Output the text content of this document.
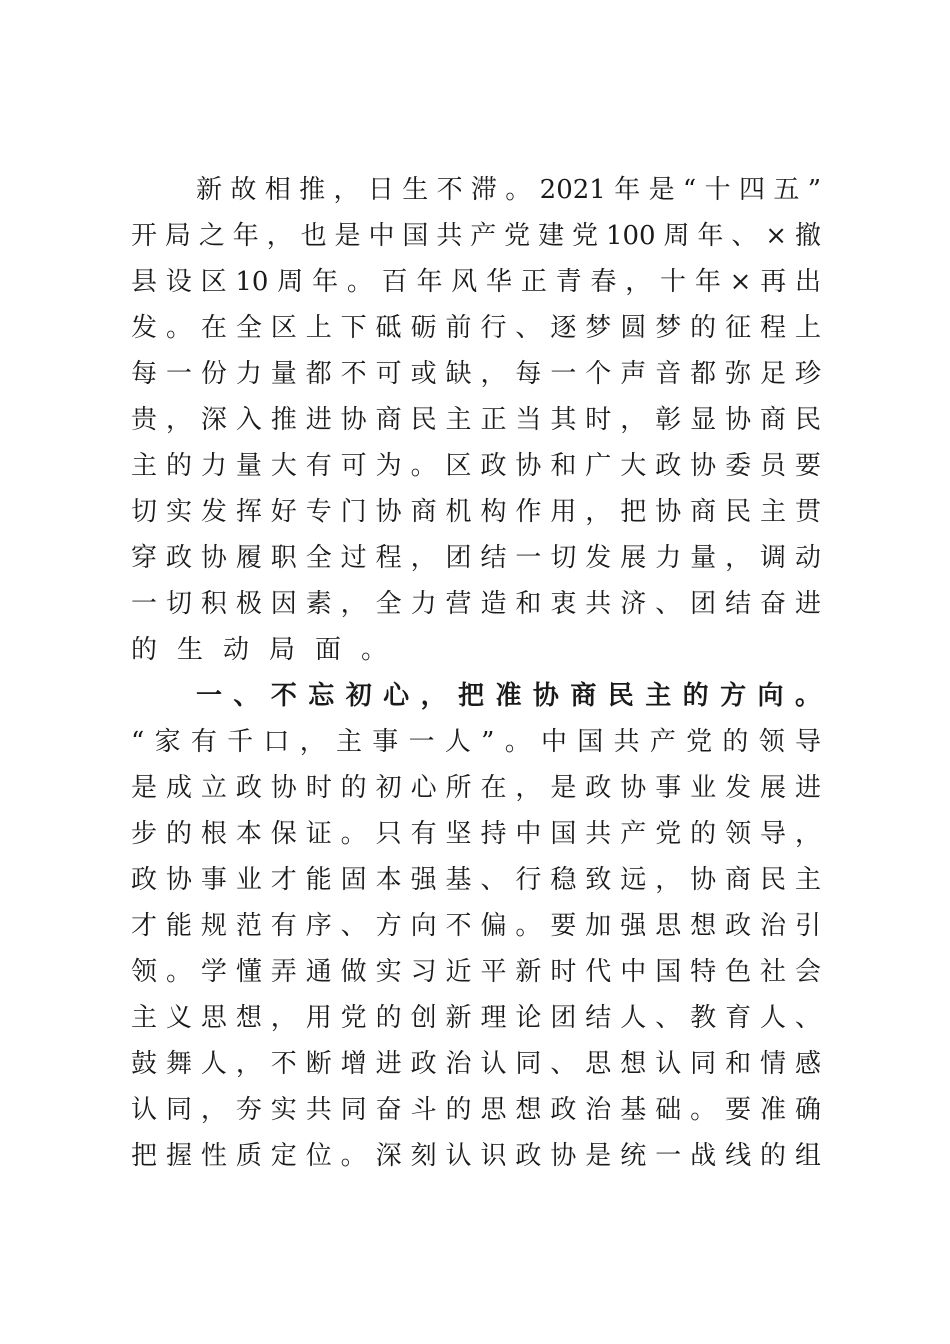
新故相推，日生不滞。2021年是“十四五”
开局之年，也是中国共产党建党100周年、×撤
县设区10周年。百年风华正青春，十年×再出
发。在全区上下砥砺前行、逐梦圆梦的征程上
每一份力量都不可或缺，每一个声音都弥足珍
贵，深入推进协商民主正当其时，彰显协商民
主的力量大有可为。区政协和广大政协委员要
切实发挥好专门协商机构作用，把协商民主贯
穿政协履职全过程，团结一切发展力量，调动
一切积极因素，全力营造和衷共济、团结奋进
的生动局面。
一、不忘初心，把准协商民主的方向。
“家有千口，主事一人”。中国共产党的领导
是成立政协时的初心所在，是政协事业发展进
步的根本保证。只有坚持中国共产党的领导，
政协事业才能固本强基、行稳致远，协商民主
才能规范有序、方向不偏。要加强思想政治引
领。学懂弄通做实习近平新时代中国特色社会
主义思想，用党的创新理论团结人、教育人、
鼓舞人，不断增进政治认同、思想认同和情感
认同，夯实共同奋斗的思想政治基础。要准确
把握性质定位。深刻认识政协是统一战线的组
